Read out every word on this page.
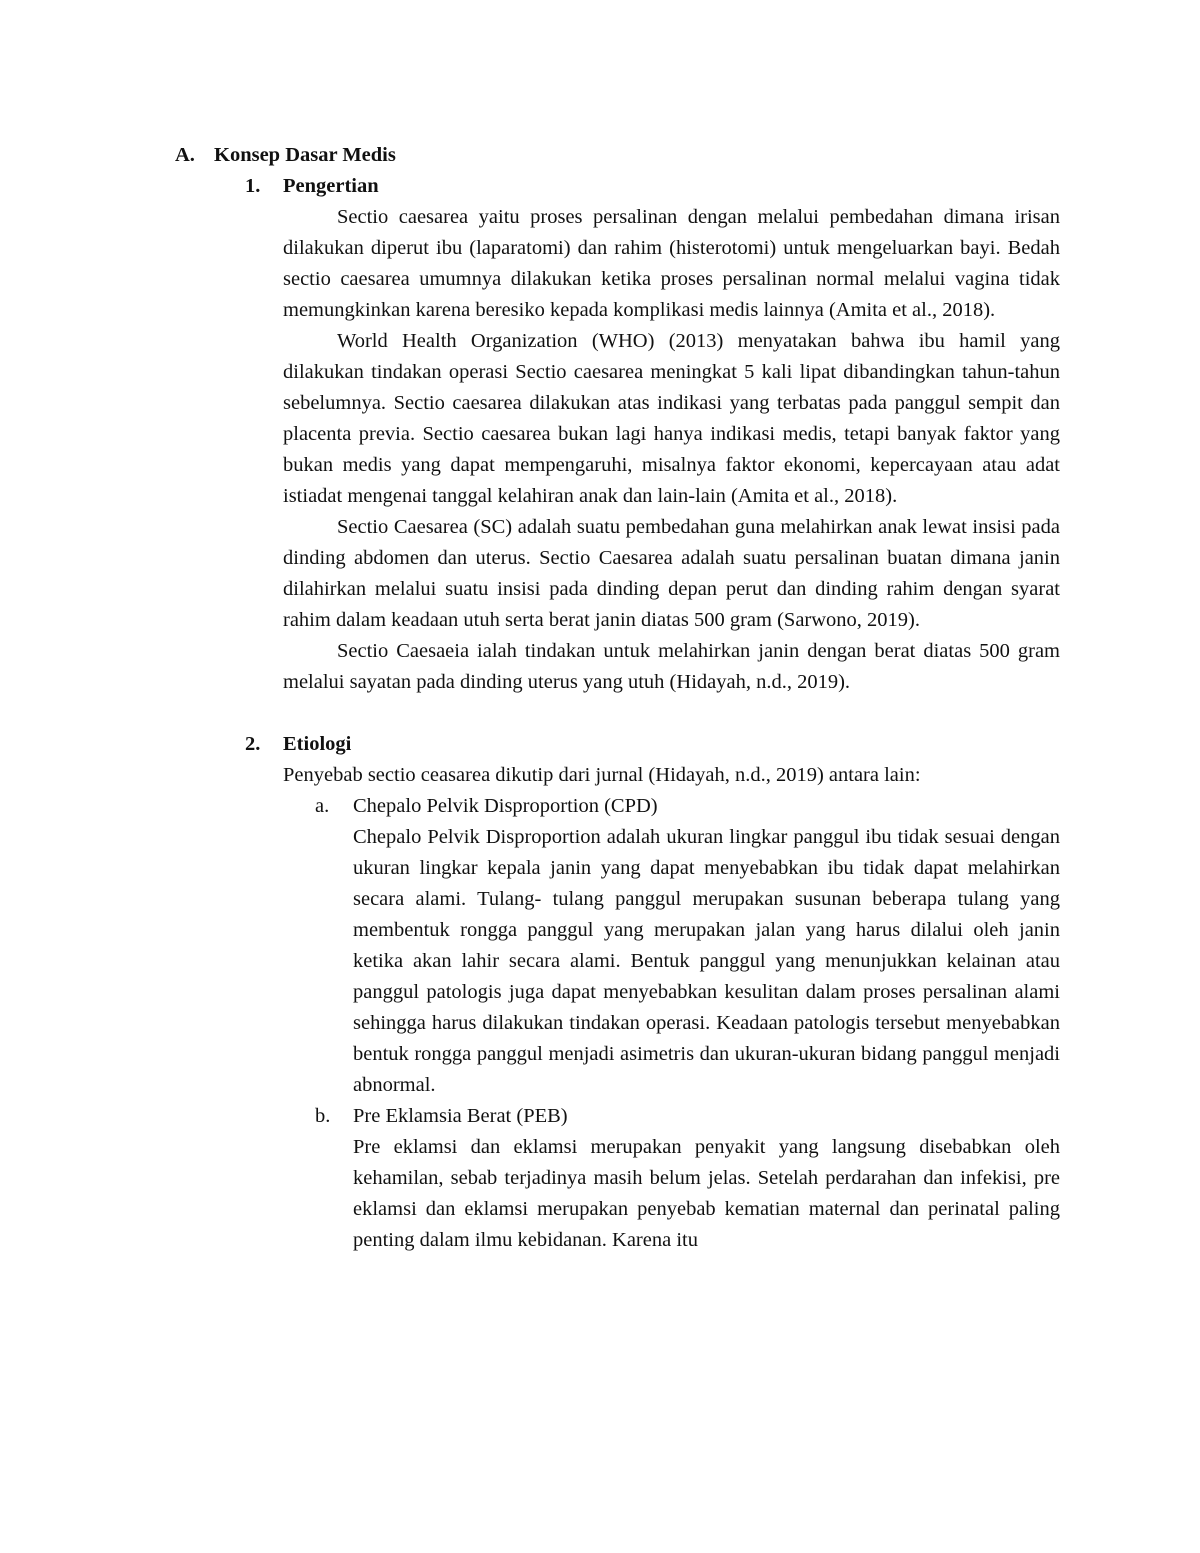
A. Konsep Dasar Medis
1.	Pengertian

Sectio caesarea yaitu proses persalinan dengan melalui pembedahan dimana irisan dilakukan diperut ibu (laparatomi) dan rahim (histerotomi) untuk mengeluarkan bayi. Bedah sectio caesarea umumnya dilakukan ketika proses persalinan normal melalui vagina tidak memungkinkan karena beresiko kepada komplikasi medis lainnya (Amita et al., 2018).

World Health Organization (WHO) (2013) menyatakan bahwa ibu hamil yang dilakukan tindakan operasi Sectio caesarea meningkat 5 kali lipat dibandingkan tahun-tahun sebelumnya. Sectio caesarea dilakukan atas indikasi yang terbatas pada panggul sempit dan placenta previa. Sectio caesarea bukan lagi hanya indikasi medis, tetapi banyak faktor yang bukan medis yang dapat mempengaruhi, misalnya faktor ekonomi, kepercayaan atau adat istiadat mengenai tanggal kelahiran anak dan lain-lain (Amita et al., 2018).

Sectio Caesarea (SC) adalah suatu pembedahan guna melahirkan anak lewat insisi pada dinding abdomen dan uterus. Sectio Caesarea adalah suatu persalinan buatan dimana janin dilahirkan melalui suatu insisi pada dinding depan perut dan dinding rahim dengan syarat rahim dalam keadaan utuh serta berat janin diatas 500 gram (Sarwono, 2019).

Sectio Caesaeia ialah tindakan untuk melahirkan janin dengan berat diatas 500 gram melalui sayatan pada dinding uterus yang utuh (Hidayah, n.d., 2019).

2.	Etiologi

Penyebab sectio ceasarea dikutip dari jurnal (Hidayah, n.d., 2019) antara lain:

a.	Chepalo Pelvik Disproportion (CPD)

Chepalo Pelvik Disproportion adalah ukuran lingkar panggul ibu tidak sesuai dengan ukuran lingkar kepala janin yang dapat menyebabkan ibu tidak dapat melahirkan secara alami. Tulang- tulang panggul merupakan susunan beberapa tulang yang membentuk rongga panggul yang merupakan jalan yang harus dilalui oleh janin ketika akan lahir secara alami. Bentuk panggul yang menunjukkan kelainan atau panggul patologis juga dapat menyebabkan kesulitan dalam proses persalinan alami sehingga harus dilakukan tindakan operasi. Keadaan patologis tersebut menyebabkan bentuk rongga panggul menjadi asimetris dan ukuran-ukuran bidang panggul menjadi abnormal.

b.	Pre Eklamsia Berat (PEB)

Pre eklamsi dan eklamsi merupakan penyakit yang langsung disebabkan oleh kehamilan, sebab terjadinya masih belum jelas. Setelah perdarahan dan infekisi, pre eklamsi dan eklamsi merupakan penyebab kematian maternal dan perinatal paling penting dalam ilmu kebidanan. Karena itu
